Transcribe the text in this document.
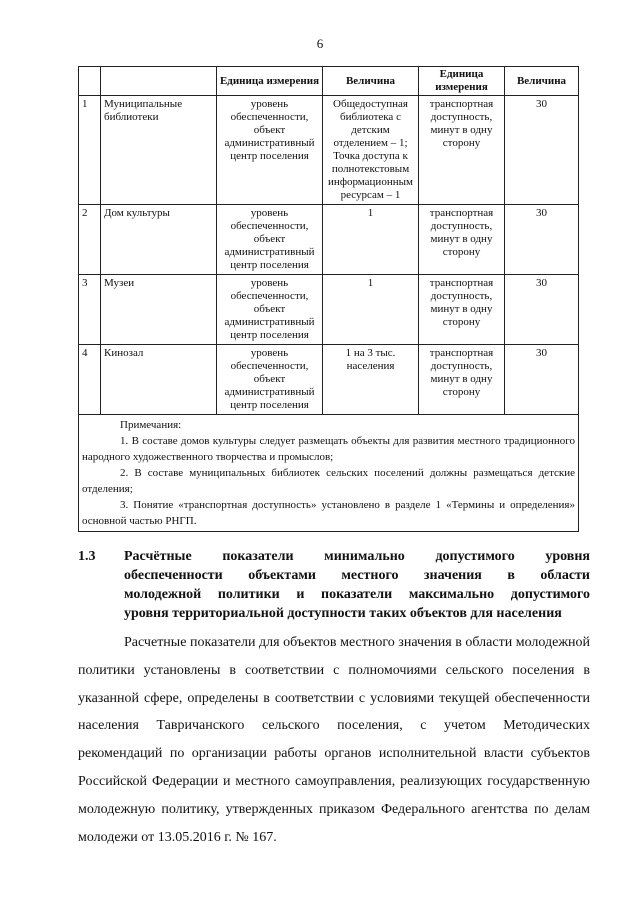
6
		Единица измерения	Величина	Единица измерения	Величина
1	Муниципальные библиотеки	уровень обеспеченности, объект административный центр поселения	Общедоступная библиотека с детским отделением – 1; Точка доступа к полнотекстовым информационным ресурсам – 1	транспортная доступность, минут в одну сторону	30
2	Дом культуры	уровень обеспеченности, объект административный центр поселения	1	транспортная доступность, минут в одну сторону	30
3	Музеи	уровень обеспеченности, объект административный центр поселения	1	транспортная доступность, минут в одну сторону	30
4	Кинозал	уровень обеспеченности, объект административный центр поселения	1 на 3 тыс. населения	транспортная доступность, минут в одну сторону	30

Примечания:
1. В составе домов культуры следует размещать объекты для развития местного традиционного народного художественного творчества и промыслов;
2. В составе муниципальных библиотек сельских поселений должны размещаться детские отделения;
3. Понятие «транспортная доступность» установлено в разделе 1 «Термины и определения» основной частью РНГП.					
1.3 Расчётные показатели минимально допустимого уровня
обеспеченности объектами местного значения в области
молодежной политики и показатели максимально допустимого
уровня территориальной доступности таких объектов для населения

Расчетные показатели для объектов местного значения в области молодежной политики установлены в соответствии с полномочиями сельского поселения в указанной сфере, определены в соответствии с условиями текущей обеспеченности населения Тавричанского сельского поселения, с учетом Методических рекомендаций по организации работы органов исполнительной власти субъектов Российской Федерации и местного самоуправления, реализующих государственную молодежную политику, утвержденных приказом Федерального агентства по делам молодежи от 13.05.2016 г. № 167.
